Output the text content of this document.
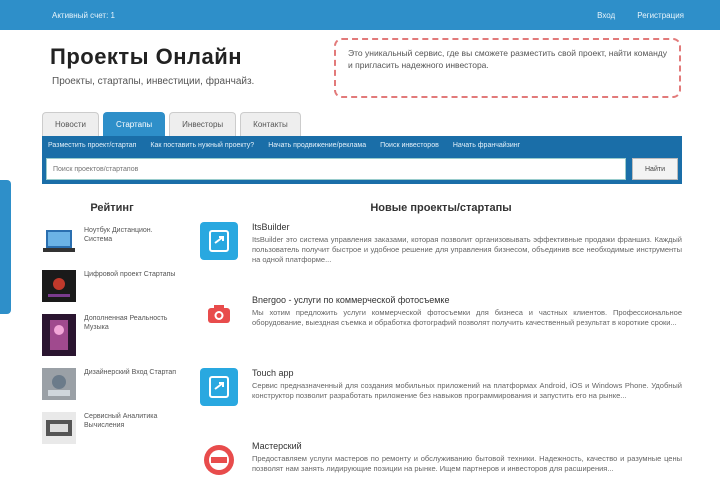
Активный счет: 1	Вход	Регистрация
Проекты Онлайн
Проекты, стартапы, инвестиции, франчайз.
Это уникальный сервис, где вы сможете разместить свой проект, найти команду и пригласить надежного инвестора.
Новости	Стартапы	Инвесторы	Контакты
Разместить проект/стартап Как поставить нужный проекту? Начать продвижение/реклама Поиск инвесторов Начать франчайзинг
Поиск проектов/стартапов
Найти
Рейтинг
Ноутбук Дистанцион. Система
Цифровой проект Стартапы
Дополненная Реальность Музыка
Дизайнерский Вход Стартап
Сервисный Аналитика Вычисления
Новые проекты/стартапы
ItsBuilder
ItsBuilder это система управления заказами, которая позволит организовывать эффективные продажи франшиз. Каждый пользователь получит быстрое и удобное решение для управления бизнесом, объединив все необходимые инструменты на одной платформе...
Bnergoo - услуги по коммерческой фотосъемке
Мы хотим предложить услуги коммерческой фотосъемки для бизнеса и частных клиентов. Профессиональное оборудование, выездная съемка и обработка фотографий позволят получить качественный результат в короткие сроки...
Touch app
Сервис предназначенный для создания мобильных приложений на платформах Android, iOS и Windows Phone. Удобный конструктор позволит разработать приложение без навыков программирования и запустить его на рынке...
Мастерский
Предоставляем услуги мастеров по ремонту и обслуживанию бытовой техники. Надежность, качество и разумные цены позволят нам занять лидирующие позиции на рынке. Ищем партнеров и инвесторов для расширения...
